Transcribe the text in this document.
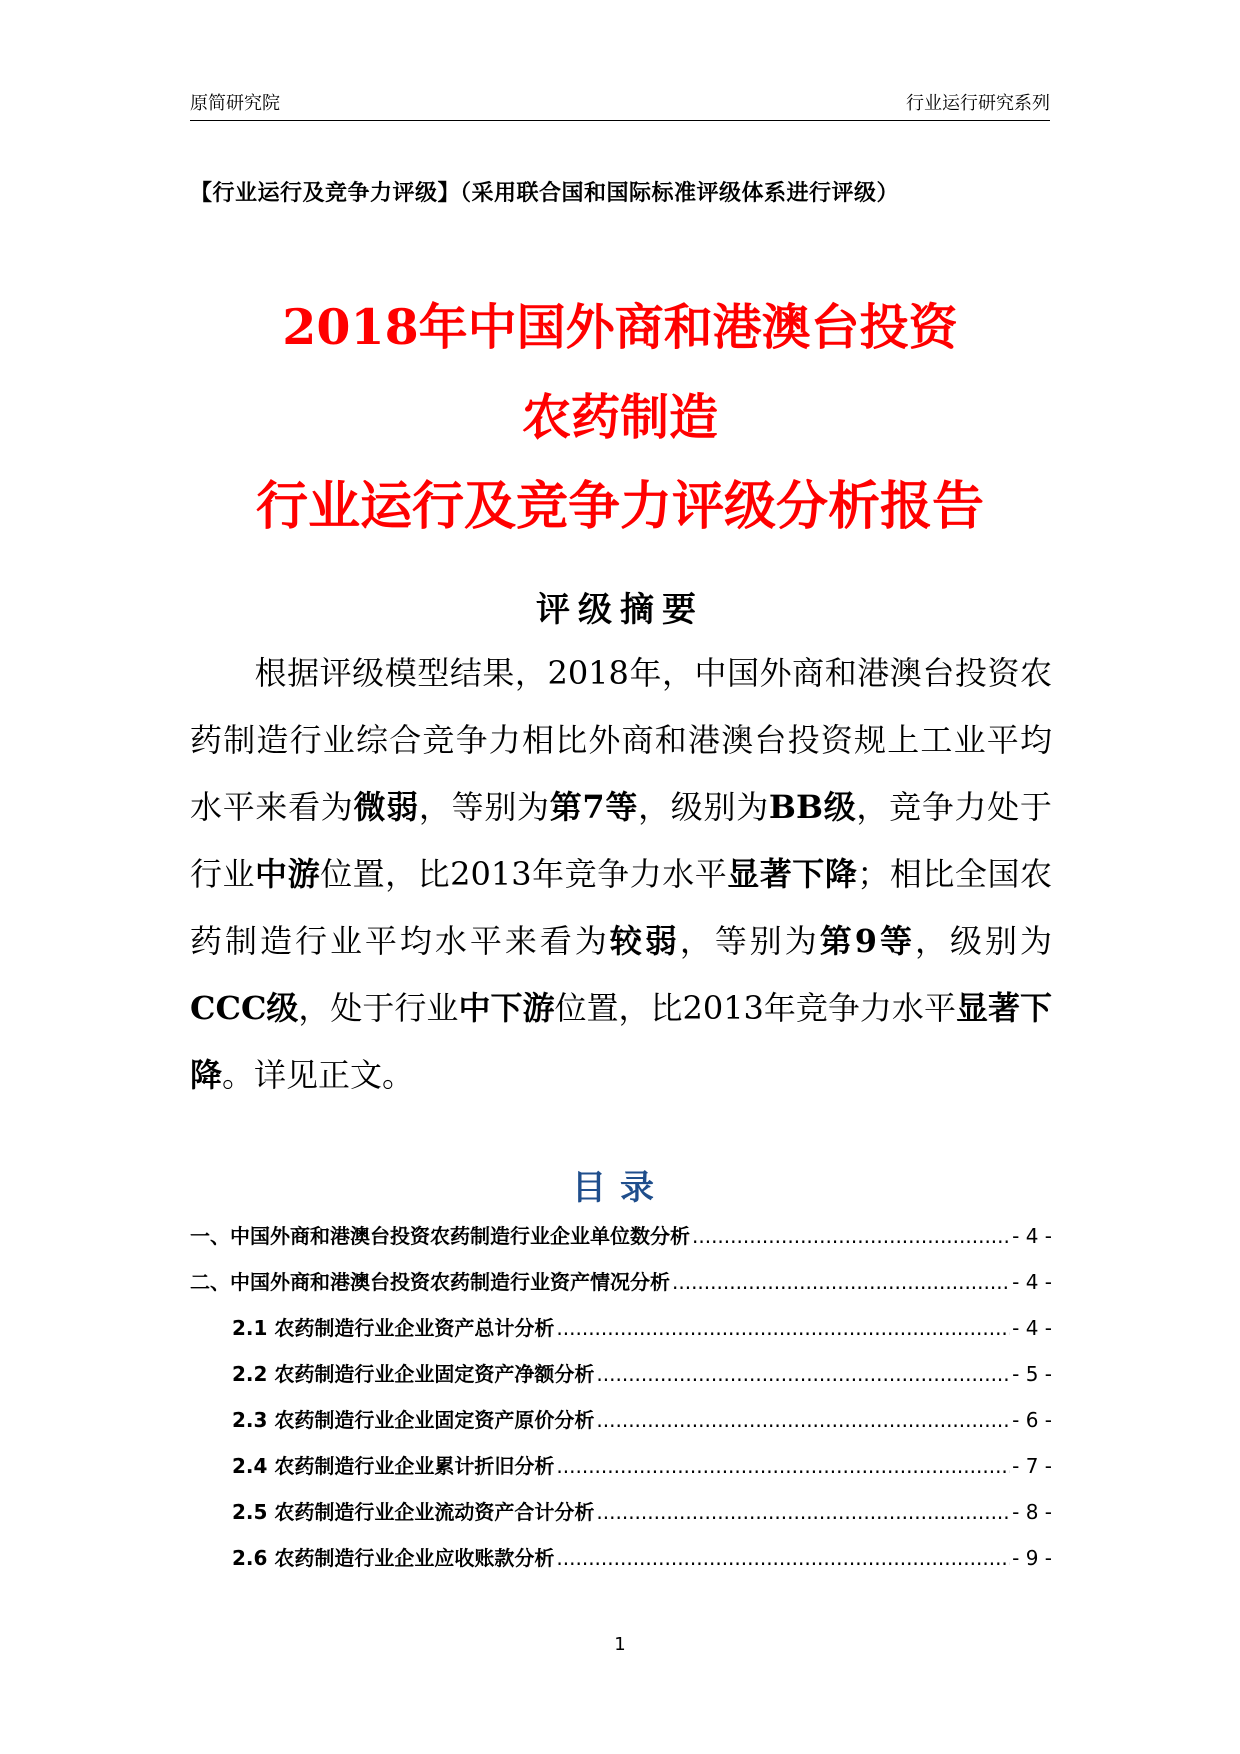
原简研究院	行业运行研究系列
【行业运行及竞争力评级】（采用联合国和国际标准评级体系进行评级）
2018年中国外商和港澳台投资
农药制造
行业运行及竞争力评级分析报告
评级摘要
根据评级模型结果，2018年，中国外商和港澳台投资农药制造行业综合竞争力相比外商和港澳台投资规上工业平均水平来看为微弱，等别为第7等，级别为BB级，竞争力处于行业中游位置，比2013年竞争力水平显著下降；相比全国农药制造行业平均水平来看为较弱，等别为第9等，级别为CCC级，处于行业中下游位置，比2013年竞争力水平显著下降。详见正文。
目录
一、中国外商和港澳台投资农药制造行业企业单位数分析 .....	- 4 -
二、中国外商和港澳台投资农药制造行业资产情况分析 .....	- 4 -
2.1 农药制造行业企业资产总计分析 .....	- 4 -
2.2 农药制造行业企业固定资产净额分析 .....	- 5 -
2.3 农药制造行业企业固定资产原价分析 .....	- 6 -
2.4 农药制造行业企业累计折旧分析 .....	- 7 -
2.5 农药制造行业企业流动资产合计分析 .....	- 8 -
2.6 农药制造行业企业应收账款分析 .....	- 9 -
1
